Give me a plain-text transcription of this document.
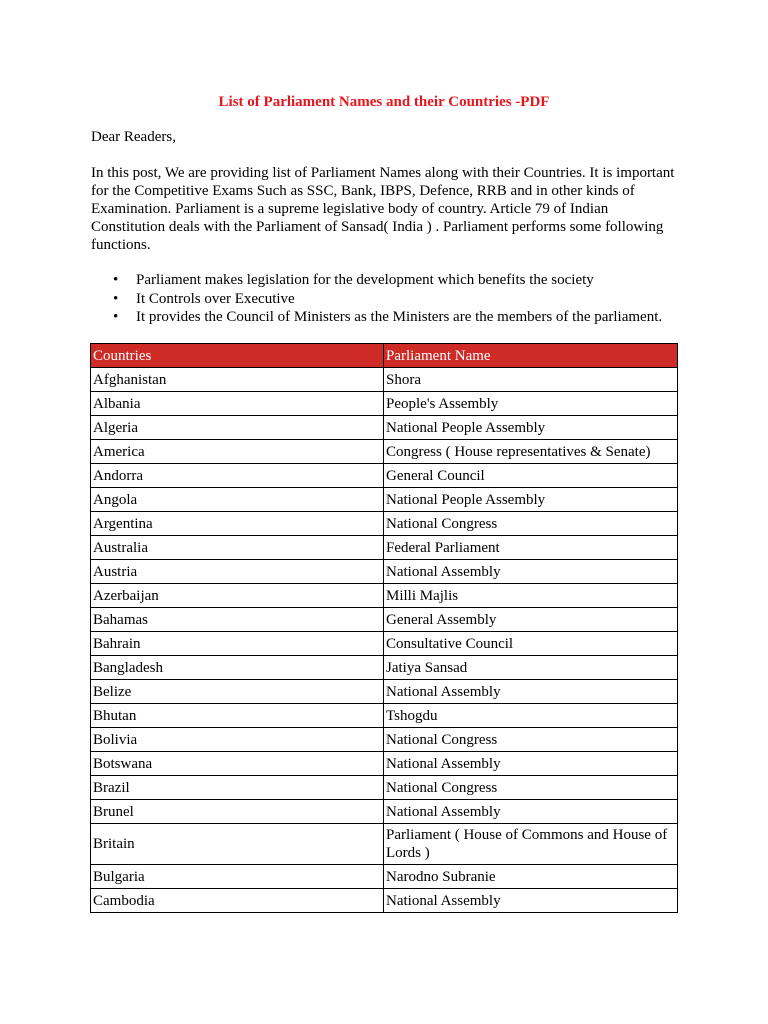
List of Parliament Names and their Countries -PDF
Dear Readers,

In this post, We are providing list of Parliament Names along with their Countries. It is important for the Competitive Exams Such as SSC, Bank, IBPS, Defence, RRB and in other kinds of Examination. Parliament is a supreme legislative body of country. Article 79 of Indian Constitution deals with the Parliament of Sansad( India ) . Parliament performs some following functions.

• Parliament makes legislation for the development which benefits the society
• It Controls over Executive
• It provides the Council of Ministers as the Ministers are the members of the parliament.
Countries	Parliament Name
Afghanistan	Shora
Albania	People's Assembly
Algeria	National People Assembly
America	Congress ( House representatives & Senate)
Andorra	General Council
Angola	National People Assembly
Argentina	National Congress
Australia	Federal Parliament
Austria	National Assembly
Azerbaijan	Milli Majlis
Bahamas	General Assembly
Bahrain	Consultative Council
Bangladesh	Jatiya Sansad
Belize	National Assembly
Bhutan	Tshogdu
Bolivia	National Congress
Botswana	National Assembly
Brazil	National Congress
Brunel	National Assembly
Britain	Parliament ( House of Commons and House of Lords )
Bulgaria	Narodno Subranie
Cambodia	National Assembly
